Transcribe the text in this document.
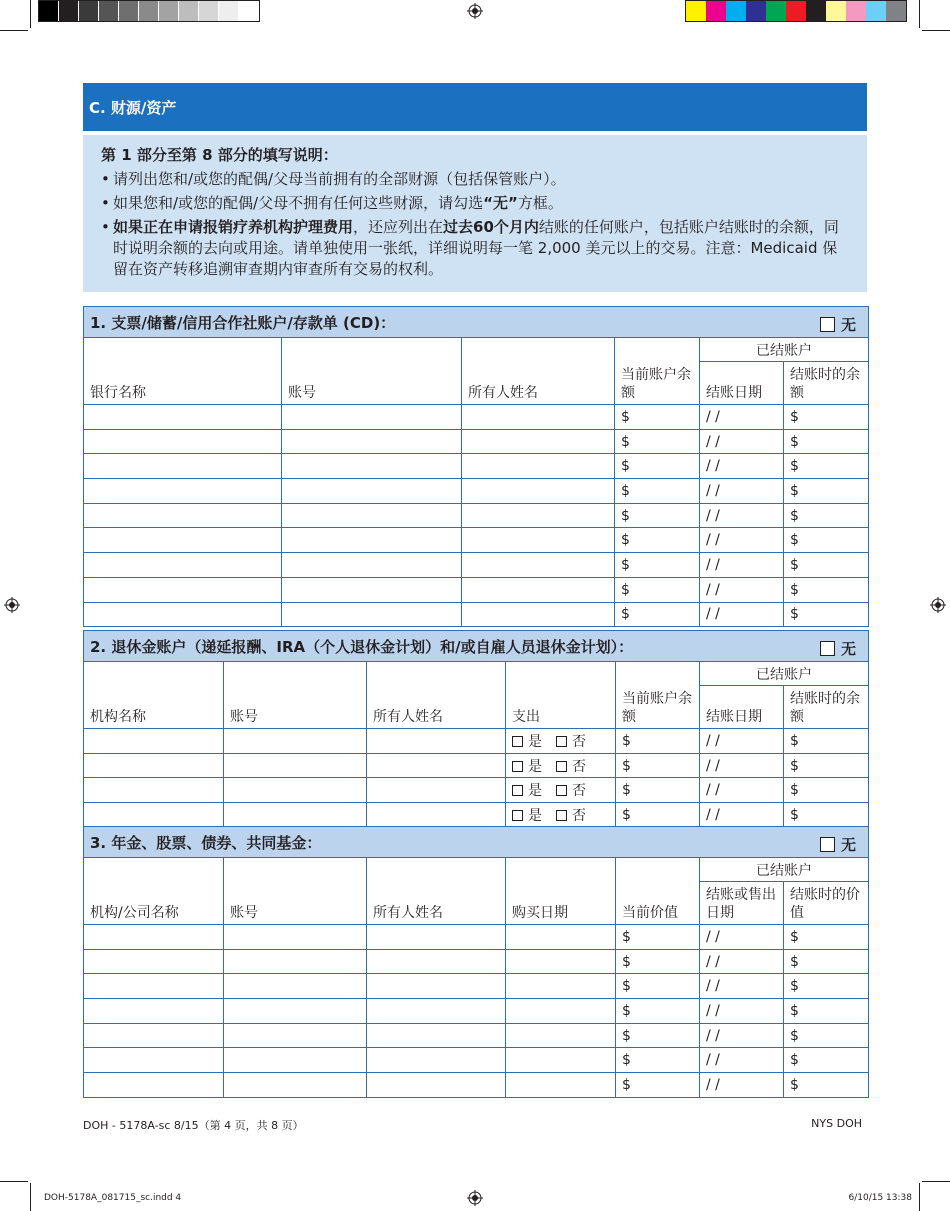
C. 财源/资产
第 1 部分至第 8 部分的填写说明：
• 请列出您和/或您的配偶/父母当前拥有的全部财源（包括保管账户）。
• 如果您和/或您的配偶/父母不拥有任何这些财源，请勾选“无”方框。
• 如果正在申请报销疗养机构护理费用，还应列出在过去60个月内结账的任何账户，包括账户结账时的余额，同时说明余额的去向或用途。请单独使用一张纸，详细说明每一笔 2,000 美元以上的交易。注意：Medicaid 保留在资产转移追溯审查期内审查所有交易的权利。
1. 支票/储蓄/信用合作社账户/存款单 (CD)： 无					

银行名称	账号	所有人姓名	当前账户余额	已结账户	
				结账日期	结账时的余额
			$	/ /	$
			$	/ /	$
			$	/ /	$
			$	/ /	$
			$	/ /	$
			$	/ /	$
			$	/ /	$
			$	/ /	$
			$	/ /	$
2. 退休金账户（递延报酬、IRA（个人退休金计划）和/或自雇人员退休金计划）： 无						

机构名称	账号	所有人姓名	支出	当前账户余额	已结账户	
					结账日期	结账时的余额
			是 否	$	/ /	$
			是 否	$	/ /	$
			是 否	$	/ /	$
			是 否	$	/ /	$
3. 年金、股票、债券、共同基金： 无						

机构/公司名称	账号	所有人姓名	购买日期	当前价值	已结账户	
					结账或售出日期	结账时的价值
				$	/ /	$
				$	/ /	$
				$	/ /	$
				$	/ /	$
				$	/ /	$
				$	/ /	$
				$	/ /	$
DOH - 5178A-sc 8/15（第 4 页，共 8 页）	NYS DOH
DOH-5178A_081715_sc.indd 4	6/10/15 13:38
